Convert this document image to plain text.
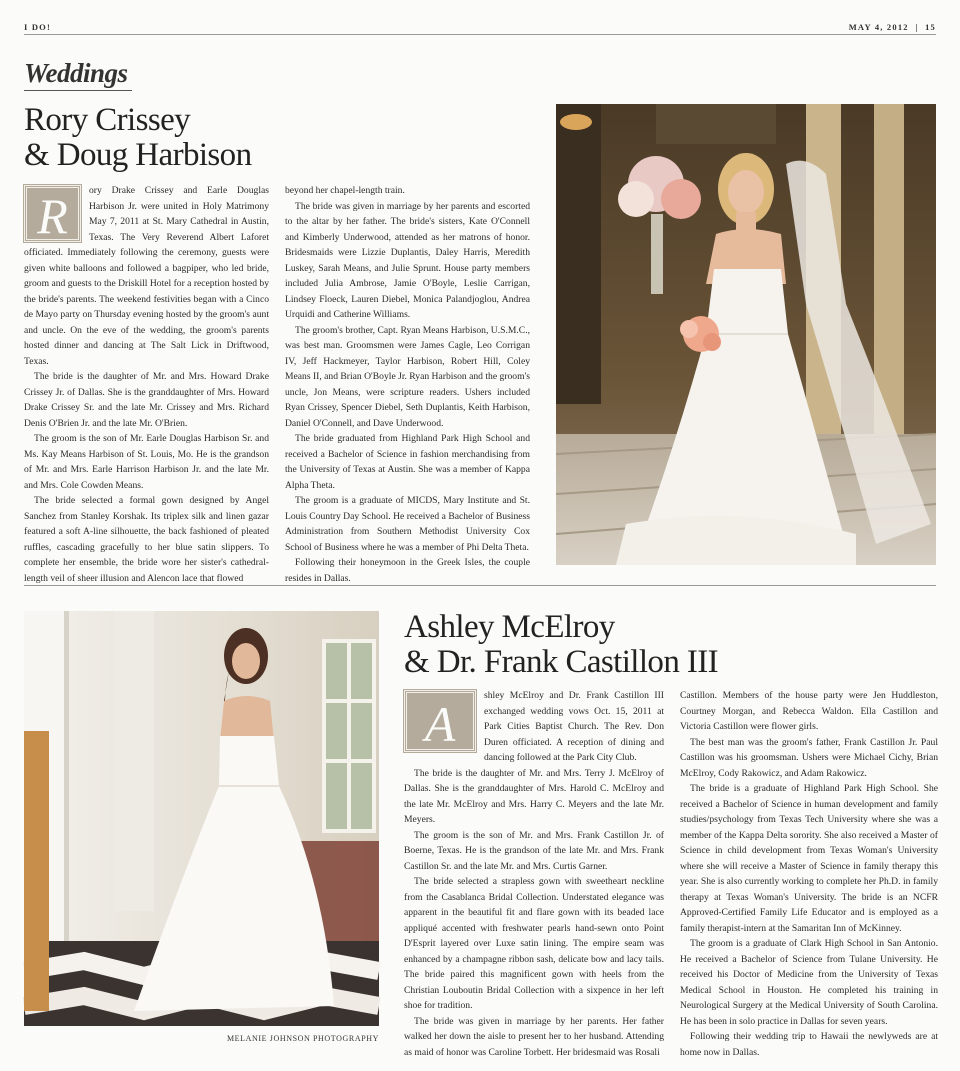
I DO!	MAY 4, 2012  |  15
Weddings
Rory Crissey
& Doug Harbison
R	ory Drake Crissey and Earle Douglas Harbison Jr. were united in Holy Matrimony May 7, 2011 at St. Mary Cathedral in Austin, Texas. The Very Reverend Albert Laforet officiated. Immediately following the ceremony, guests were given white balloons and followed a bagpiper, who led bride, groom and guests to the Driskill Hotel for a reception hosted by the bride's parents. The weekend festivities began with a Cinco de Mayo party on Thursday evening hosted by the groom's aunt and uncle. On the eve of the wedding, the groom's parents hosted dinner and dancing at The Salt Lick in Driftwood, Texas.

The bride is the daughter of Mr. and Mrs. Howard Drake Crissey Jr. of Dallas. She is the granddaughter of Mrs. Howard Drake Crissey Sr. and the late Mr. Crissey and Mrs. Richard Denis O'Brien Jr. and the late Mr. O'Brien.

The groom is the son of Mr. Earle Douglas Harbison Sr. and Ms. Kay Means Harbison of St. Louis, Mo. He is the grandson of Mr. and Mrs. Earle Harrison Harbison Jr. and the late Mr. and Mrs. Cole Cowden Means.

The bride selected a formal gown designed by Angel Sanchez from Stanley Korshak. Its triplex silk and linen gazar featured a soft A-line silhouette, the back fashioned of pleated ruffles, cascading gracefully to her blue satin slippers. To complete her ensemble, the bride wore her sister's cathedral-length veil of sheer illusion and Alencon lace that flowed

beyond her chapel-length train.

The bride was given in marriage by her parents and escorted to the altar by her father. The bride's sisters, Kate O'Connell and Kimberly Underwood, attended as her matrons of honor. Bridesmaids were Lizzie Duplantis, Daley Harris, Meredith Luskey, Sarah Means, and Julie Sprunt. House party members included Julia Ambrose, Jamie O'Boyle, Leslie Carrigan, Lindsey Floeck, Lauren Diebel, Monica Palandjoglou, Andrea Urquidi and Catherine Williams.

The groom's brother, Capt. Ryan Means Harbison, U.S.M.C., was best man. Groomsmen were James Cagle, Leo Corrigan IV, Jeff Hackmeyer, Taylor Harbison, Robert Hill, Coley Means II, and Brian O'Boyle Jr. Ryan Harbison and the groom's uncle, Jon Means, were scripture readers. Ushers included Ryan Crissey, Spencer Diebel, Seth Duplantis, Keith Harbison, Daniel O'Connell, and Dave Underwood.

The bride graduated from Highland Park High School and received a Bachelor of Science in fashion merchandising from the University of Texas at Austin. She was a member of Kappa Alpha Theta.

The groom is a graduate of MICDS, Mary Institute and St. Louis Country Day School. He received a Bachelor of Business Administration from Southern Methodist University Cox School of Business where he was a member of Phi Delta Theta.

Following their honeymoon in the Greek Isles, the couple resides in Dallas.

MELANIE JOHNSON PHOTOGRAPHY
Ashley McElroy
& Dr. Frank Castillon III
A

shley McElroy and Dr. Frank Castillon III exchanged wedding vows Oct. 15, 2011 at Park Cities Baptist Church. The Rev. Don Duren officiated. A reception of dining and dancing followed at the Park City Club.

The bride is the daughter of Mr. and Mrs. Terry J. McElroy of Dallas. She is the granddaughter of Mrs. Harold C. McElroy and the late Mr. McElroy and Mrs. Harry C. Meyers and the late Mr. Meyers.

The groom is the son of Mr. and Mrs. Frank Castillon Jr. of Boerne, Texas. He is the grandson of the late Mr. and Mrs. Frank Castillon Sr. and the late Mr. and Mrs. Curtis Garner.

The bride selected a strapless gown with sweetheart neckline from the Casablanca Bridal Collection. Understated elegance was apparent in the beautiful fit and flare gown with its beaded lace appliqué accented with freshwater pearls hand-sewn onto Point D'Esprit layered over Luxe satin lining. The empire seam was enhanced by a champagne ribbon sash, delicate bow and lacy tails. The bride paired this magnificent gown with heels from the Christian Louboutin Bridal Collection with a sixpence in her left shoe for tradition.

The bride was given in marriage by her parents. Her father walked her down the aisle to present her to her husband. Attending as maid of honor was Caroline Torbett. Her bridesmaid was Rosali

Castillon. Members of the house party were Jen Huddleston, Courtney Morgan, and Rebecca Waldon. Ella Castillon and Victoria Castillon were flower girls.

The best man was the groom's father, Frank Castillon Jr. Paul Castillon was his groomsman. Ushers were Michael Cichy, Brian McElroy, Cody Rakowicz, and Adam Rakowicz.

The bride is a graduate of Highland Park High School. She received a Bachelor of Science in human development and family studies/psychology from Texas Tech University where she was a member of the Kappa Delta sorority. She also received a Master of Science in child development from Texas Woman's University where she will receive a Master of Science in family therapy this year. She is also currently working to complete her Ph.D. in family therapy at Texas Woman's University. The bride is an NCFR Approved-Certified Family Life Educator and is employed as a family therapist-intern at the Samaritan Inn of McKinney.

The groom is a graduate of Clark High School in San Antonio. He received a Bachelor of Science from Tulane University. He received his Doctor of Medicine from the University of Texas Medical School in Houston. He completed his training in Neurological Surgery at the Medical University of South Carolina. He has been in solo practice in Dallas for seven years.

Following their wedding trip to Hawaii the newlyweds are at home now in Dallas.
